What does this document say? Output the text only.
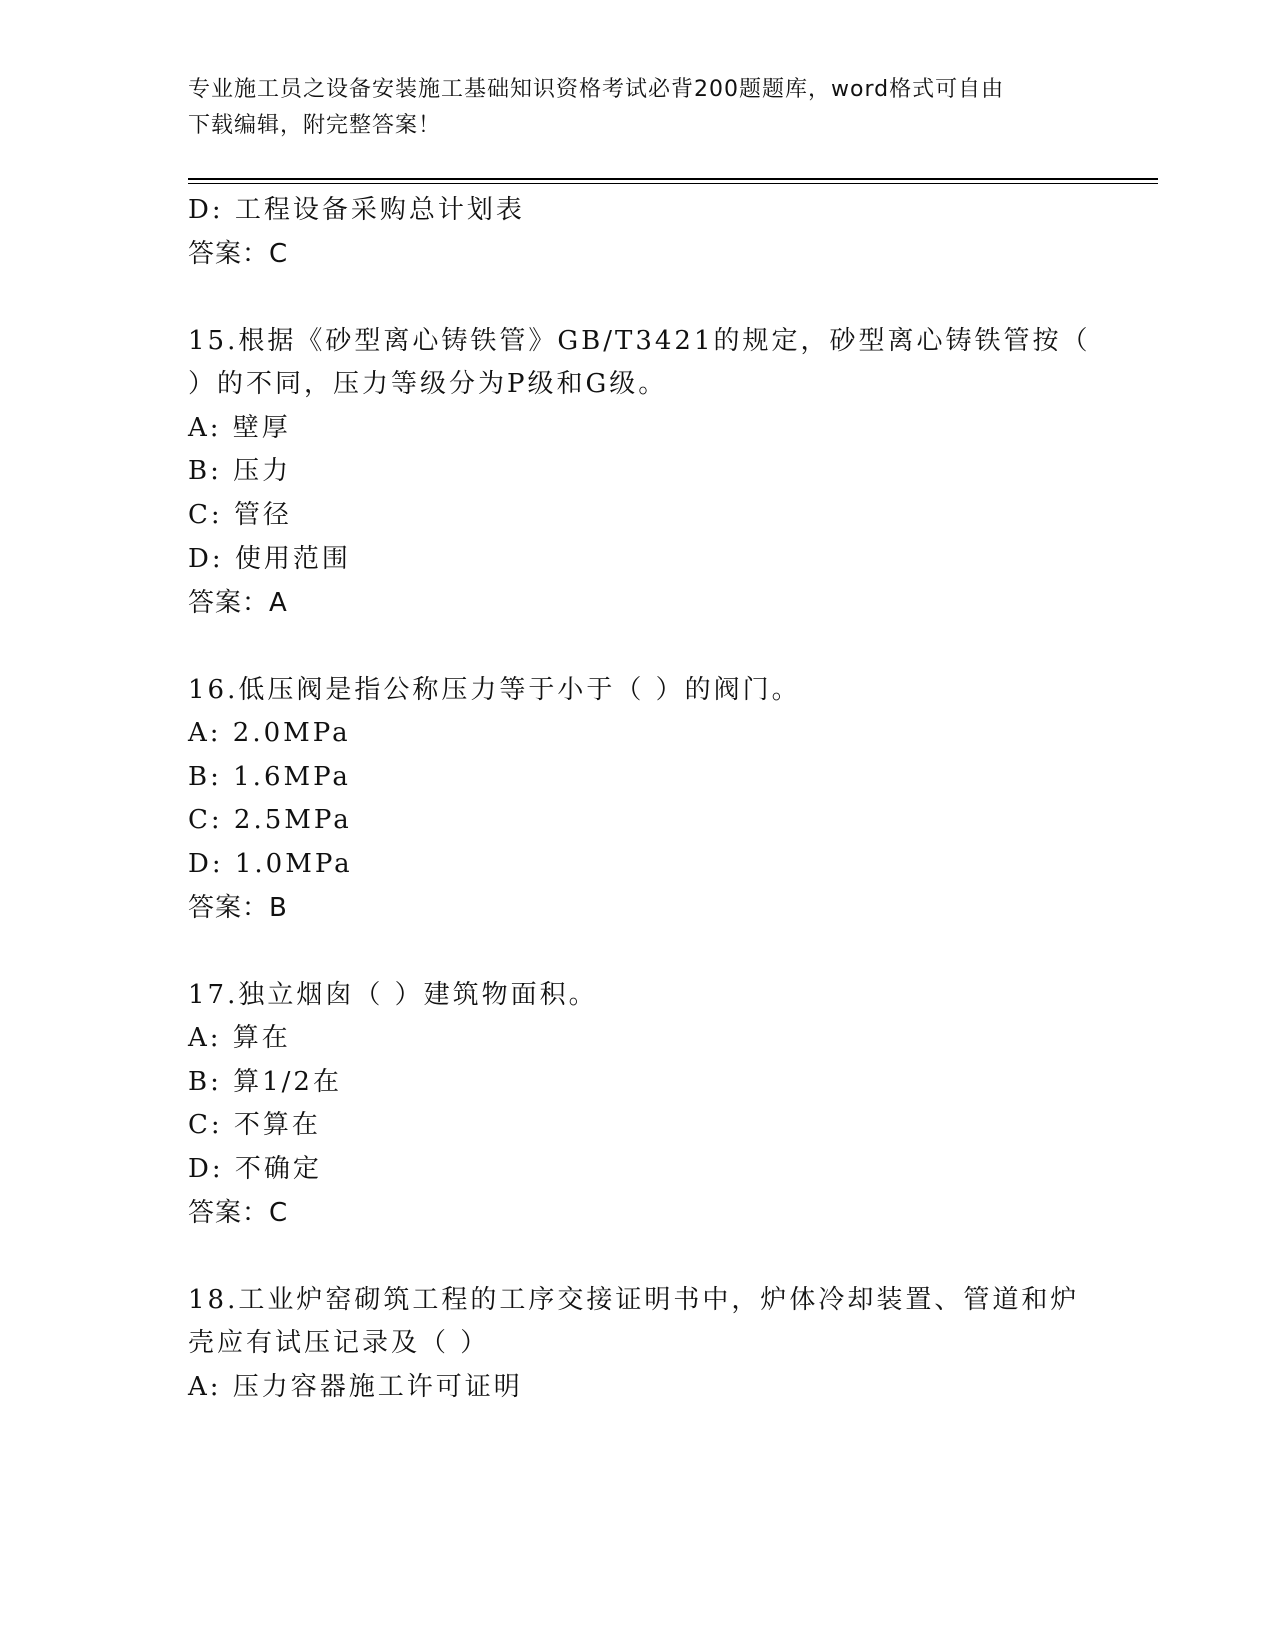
专业施工员之设备安装施工基础知识资格考试必背200题题库，word格式可自由
下载编辑，附完整答案！
D: 工程设备采购总计划表
答案：C
15.根据《砂型离心铸铁管》GB/T3421的规定，砂型离心铸铁管按（
）的不同，压力等级分为P级和G级。
A: 壁厚
B: 压力
C: 管径
D: 使用范围
答案：A
16.低压阀是指公称压力等于小于（ ）的阀门。
A: 2.0MPa
B: 1.6MPa
C: 2.5MPa
D: 1.0MPa
答案：B
17.独立烟囱（ ）建筑物面积。
A: 算在
B: 算1/2在
C: 不算在
D: 不确定
答案：C
18.工业炉窑砌筑工程的工序交接证明书中，炉体冷却装置、管道和炉
壳应有试压记录及（ ）
A: 压力容器施工许可证明
